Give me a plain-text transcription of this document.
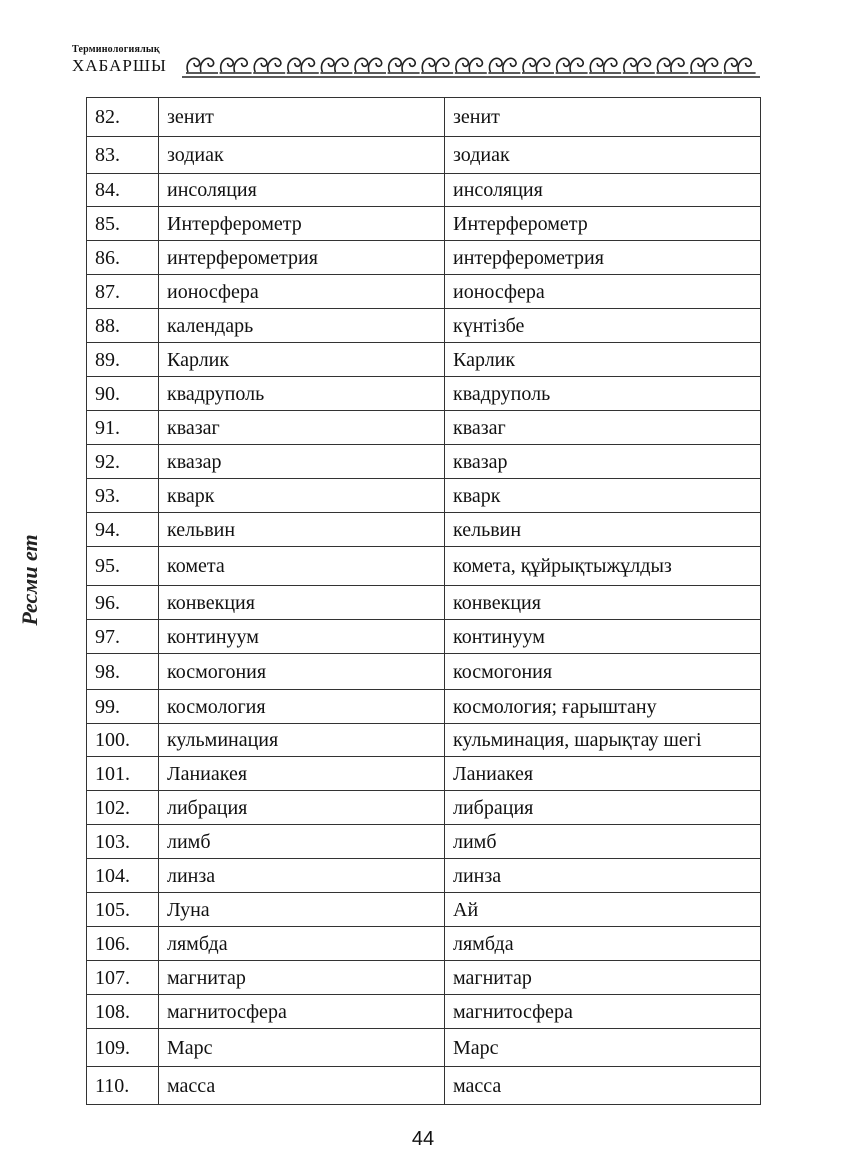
Терминологиялық
ХАБАРШЫ
Ресми ет
82.	зенит	зенит
83.	зодиак	зодиак
84.	инсоляция	инсоляция
85.	Интерферометр	Интерферометр
86.	интерферометрия	интерферометрия
87.	ионосфера	ионосфера
88.	календарь	күнтізбе
89.	Карлик	Карлик
90.	квадруполь	квадруполь
91.	квазаг	квазаг
92.	квазар	квазар
93.	кварк	кварк
94.	кельвин	кельвин
95.	комета	комета, құйрықтыжұлдыз
96.	конвекция	конвекция
97.	континуум	континуум
98.	космогония	космогония
99.	космология	космология; ғарыштану
100.	кульминация	кульминация, шарықтау шегі
101.	Ланиакея	Ланиакея
102.	либрация	либрация
103.	лимб	лимб
104.	линза	линза
105.	Луна	Ай
106.	лямбда	лямбда
107.	магнитар	магнитар
108.	магнитосфера	магнитосфера
109.	Марс	Марс
110.	масса	масса
44
